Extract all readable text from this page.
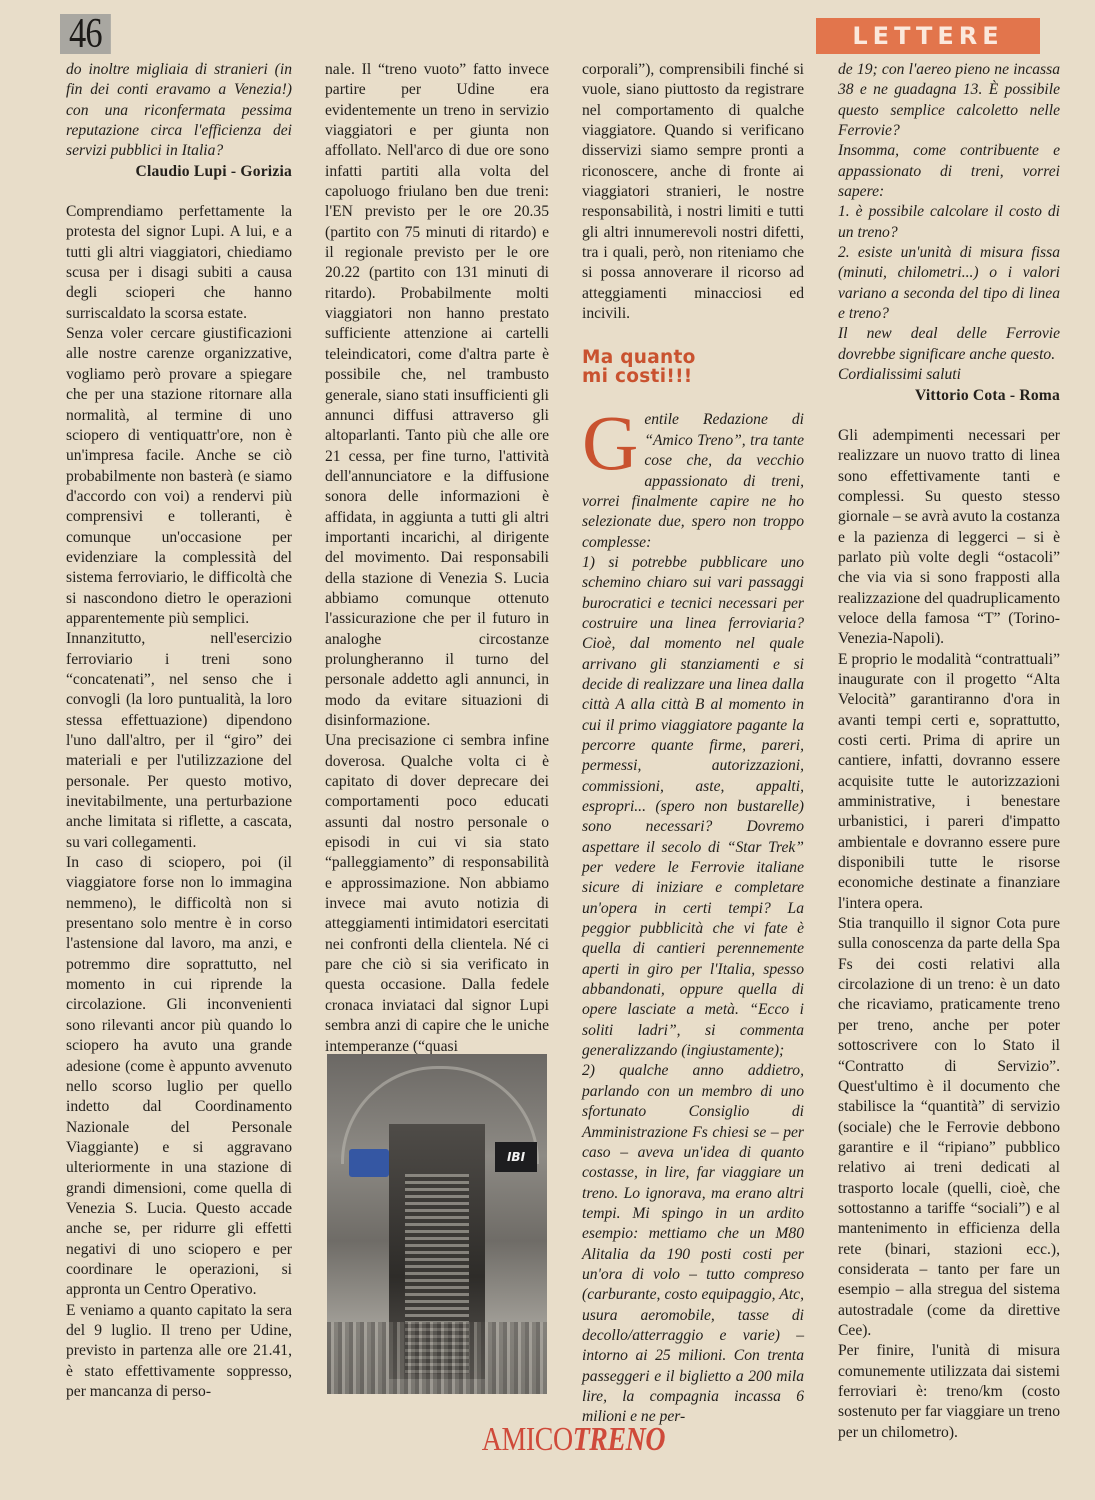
46	LETTERE

do inoltre migliaia di stranieri (in fin dei conti eravamo a Venezia!) con una riconfermata pessima reputazione circa l'efficienza dei servizi pubblici in Italia?

Claudio Lupi - Gorizia

Comprendiamo perfettamente la protesta del signor Lupi. A lui, e a tutti gli altri viaggiatori, chiediamo scusa per i disagi subiti a causa degli scioperi che hanno surriscaldato la scorsa estate.

Senza voler cercare giustificazioni alle nostre carenze organizzative, vogliamo però provare a spiegare che per una stazione ritornare alla normalità, al termine di uno sciopero di ventiquattr'ore, non è un'impresa facile. Anche se ciò probabilmente non basterà (e siamo d'accordo con voi) a rendervi più comprensivi e tolleranti, è comunque un'occasione per evidenziare la complessità del sistema ferroviario, le difficoltà che si nascondono dietro le operazioni apparentemente più semplici.

Innanzitutto, nell'esercizio ferroviario i treni sono “concatenati”, nel senso che i convogli (la loro puntualità, la loro stessa effettuazione) dipendono l'uno dall'altro, per il “giro” dei materiali e per l'utilizzazione del personale. Per questo motivo, inevitabilmente, una perturbazione anche limitata si riflette, a cascata, su vari collegamenti.

In caso di sciopero, poi (il viaggiatore forse non lo immagina nemmeno), le difficoltà non si presentano solo mentre è in corso l'astensione dal lavoro, ma anzi, e potremmo dire soprattutto, nel momento in cui riprende la circolazione. Gli inconvenienti sono rilevanti ancor più quando lo sciopero ha avuto una grande adesione (come è appunto avvenuto nello scorso luglio per quello indetto dal Coordinamento Nazionale del Personale Viaggiante) e si aggravano ulteriormente in una stazione di grandi dimensioni, come quella di Venezia S. Lucia. Questo accade anche se, per ridurre gli effetti negativi di uno sciopero e per coordinare le operazioni, si appronta un Centro Operativo.

E veniamo a quanto capitato la sera del 9 luglio. Il treno per Udine, previsto in partenza alle ore 21.41, è stato effettivamente soppresso, per mancanza di perso-

nale. Il “treno vuoto” fatto invece partire per Udine era evidentemente un treno in servizio viaggiatori e per giunta non affollato. Nell'arco di due ore sono infatti partiti alla volta del capoluogo friulano ben due treni: l'EN previsto per le ore 20.35 (partito con 75 minuti di ritardo) e il regionale previsto per le ore 20.22 (partito con 131 minuti di ritardo). Probabilmente molti viaggiatori non hanno prestato sufficiente attenzione ai cartelli teleindicatori, come d'altra parte è possibile che, nel trambusto generale, siano stati insufficienti gli annunci diffusi attraverso gli altoparlanti. Tanto più che alle ore 21 cessa, per fine turno, l'attività dell'annunciatore e la diffusione sonora delle informazioni è affidata, in aggiunta a tutti gli altri importanti incarichi, al dirigente del movimento. Dai responsabili della stazione di Venezia S. Lucia abbiamo comunque ottenuto l'assicurazione che per il futuro in analoghe circostanze prolungheranno il turno del personale addetto agli annunci, in modo da evitare situazioni di disinformazione.

Una precisazione ci sembra infine doverosa. Qualche volta ci è capitato di dover deprecare dei comportamenti poco educati assunti dal nostro personale o episodi in cui vi sia stato “palleggiamento” di responsabilità e approssimazione. Non abbiamo invece mai avuto notizia di atteggiamenti intimidatori esercitati nei confronti della clientela. Né ci pare che ciò si sia verificato in questa occasione. Dalla fedele cronaca inviataci dal signor Lupi sembra anzi di capire che le uniche intemperanze (“quasi

IBI

corporali”), comprensibili finché si vuole, siano piuttosto da registrare nel comportamento di qualche viaggiatore. Quando si verificano disservizi siamo sempre pronti a riconoscere, anche di fronte ai viaggiatori stranieri, le nostre responsabilità, i nostri limiti e tutti gli altri innumerevoli nostri difetti, tra i quali, però, non riteniamo che si possa annoverare il ricorso ad atteggiamenti minacciosi ed incivili.

Ma quanto
mi costi!!!
G entile Redazione di “Amico Treno”, tra tante cose che, da vecchio appassionato di treni, vorrei finalmente capire ne ho selezionate due, spero non troppo complesse:

1) si potrebbe pubblicare uno schemino chiaro sui vari passaggi burocratici e tecnici necessari per costruire una linea ferroviaria? Cioè, dal momento nel quale arrivano gli stanziamenti e si decide di realizzare una linea dalla città A alla città B al momento in cui il primo viaggiatore pagante la percorre quante firme, pareri, permessi, autorizzazioni, commissioni, aste, appalti, espropri... (spero non bustarelle) sono necessari? Dovremo aspettare il secolo di “Star Trek” per vedere le Ferrovie italiane sicure di iniziare e completare un'opera in certi tempi? La peggior pubblicità che vi fate è quella di cantieri perennemente aperti in giro per l'Italia, spesso abbandonati, oppure quella di opere lasciate a metà. “Ecco i soliti ladri”, si commenta generalizzando (ingiustamente);

2) qualche anno addietro, parlando con un membro di uno sfortunato Consiglio di Amministrazione Fs chiesi se – per caso – aveva un'idea di quanto costasse, in lire, far viaggiare un treno. Lo ignorava, ma erano altri tempi. Mi spingo in un ardito esempio: mettiamo che un M80 Alitalia da 190 posti costi per un'ora di volo – tutto compreso (carburante, costo equipaggio, Atc, usura aeromobile, tasse di decollo/atterraggio e varie) – intorno ai 25 milioni. Con trenta passeggeri e il biglietto a 200 mila lire, la compagnia incassa 6 milioni e ne per-

de 19; con l'aereo pieno ne incassa 38 e ne guadagna 13. È possibile questo semplice calcoletto nelle Ferrovie?

Insomma, come contribuente e appassionato di treni, vorrei sapere:

1. è possibile calcolare il costo di un treno?

2. esiste un'unità di misura fissa (minuti, chilometri...) o i valori variano a seconda del tipo di linea e treno?

Il new deal delle Ferrovie dovrebbe significare anche questo.

Cordialissimi saluti

Vittorio Cota - Roma

Gli adempimenti necessari per realizzare un nuovo tratto di linea sono effettivamente tanti e complessi. Su questo stesso giornale – se avrà avuto la costanza e la pazienza di leggerci – si è parlato più volte degli “ostacoli” che via via si sono frapposti alla realizzazione del quadruplicamento veloce della famosa “T” (Torino-Venezia-Napoli).

E proprio le modalità “contrattuali” inaugurate con il progetto “Alta Velocità” garantiranno d'ora in avanti tempi certi e, soprattutto, costi certi. Prima di aprire un cantiere, infatti, dovranno essere acquisite tutte le autorizzazioni amministrative, i benestare urbanistici, i pareri d'impatto ambientale e dovranno essere pure disponibili tutte le risorse economiche destinate a finanziare l'intera opera.

Stia tranquillo il signor Cota pure sulla conoscenza da parte della Spa Fs dei costi relativi alla circolazione di un treno: è un dato che ricaviamo, praticamente treno per treno, anche per poter sottoscrivere con lo Stato il “Contratto di Servizio”. Quest'ultimo è il documento che stabilisce la “quantità” di servizio (sociale) che le Ferrovie debbono garantire e il “ripiano” pubblico relativo ai treni dedicati al trasporto locale (quelli, cioè, che sottostanno a tariffe “sociali”) e al mantenimento in efficienza della rete (binari, stazioni ecc.), considerata – tanto per fare un esempio – alla stregua del sistema autostradale (come da direttive Cee).

Per finire, l'unità di misura comunemente utilizzata dai sistemi ferroviari è: treno/km (costo sostenuto per far viaggiare un treno per un chilometro).

AMICOTRENO
